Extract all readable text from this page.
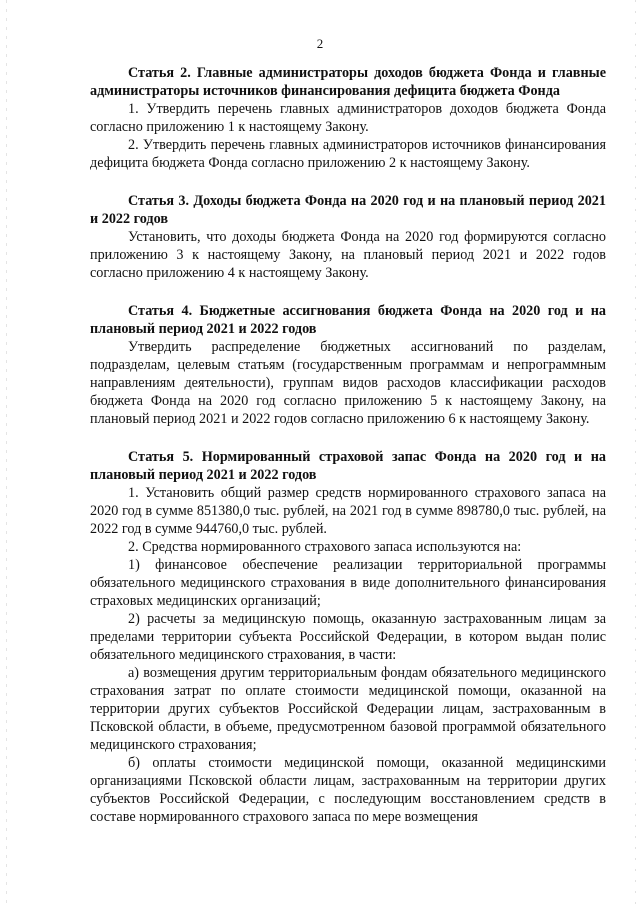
2

Статья 2. Главные администраторы доходов бюджета Фонда и главные администраторы источников финансирования дефицита бюджета Фонда

1. Утвердить перечень главных администраторов доходов бюджета Фонда согласно приложению 1 к настоящему Закону.

2. Утвердить перечень главных администраторов источников финансирования дефицита бюджета Фонда согласно приложению 2 к настоящему Закону.

Статья 3. Доходы бюджета Фонда на 2020 год и на плановый период 2021 и 2022 годов

Установить, что доходы бюджета Фонда на 2020 год формируются согласно приложению 3 к настоящему Закону, на плановый период 2021 и 2022 годов согласно приложению 4 к настоящему Закону.

Статья 4. Бюджетные ассигнования бюджета Фонда на 2020 год и на плановый период 2021 и 2022 годов

Утвердить распределение бюджетных ассигнований по разделам, подразделам, целевым статьям (государственным программам и непрограммным направлениям деятельности), группам видов расходов классификации расходов бюджета Фонда на 2020 год согласно приложению 5 к настоящему Закону, на плановый период 2021 и 2022 годов согласно приложению 6 к настоящему Закону.

Статья 5. Нормированный страховой запас Фонда на 2020 год и на плановый период 2021 и 2022 годов

1. Установить общий размер средств нормированного страхового запаса на 2020 год в сумме 851380,0 тыс. рублей, на 2021 год в сумме 898780,0 тыс. рублей, на 2022 год в сумме 944760,0 тыс. рублей.

2. Средства нормированного страхового запаса используются на:

1) финансовое обеспечение реализации территориальной программы обязательного медицинского страхования в виде дополнительного финансирования страховых медицинских организаций;

2) расчеты за медицинскую помощь, оказанную застрахованным лицам за пределами территории субъекта Российской Федерации, в котором выдан полис обязательного медицинского страхования, в части:

а) возмещения другим территориальным фондам обязательного медицинского страхования затрат по оплате стоимости медицинской помощи, оказанной на территории других субъектов Российской Федерации лицам, застрахованным в Псковской области, в объеме, предусмотренном базовой программой обязательного медицинского страхования;

б) оплаты стоимости медицинской помощи, оказанной медицинскими организациями Псковской области лицам, застрахованным на территории других субъектов Российской Федерации, с последующим восстановлением средств в составе нормированного страхового запаса по мере возмещения
